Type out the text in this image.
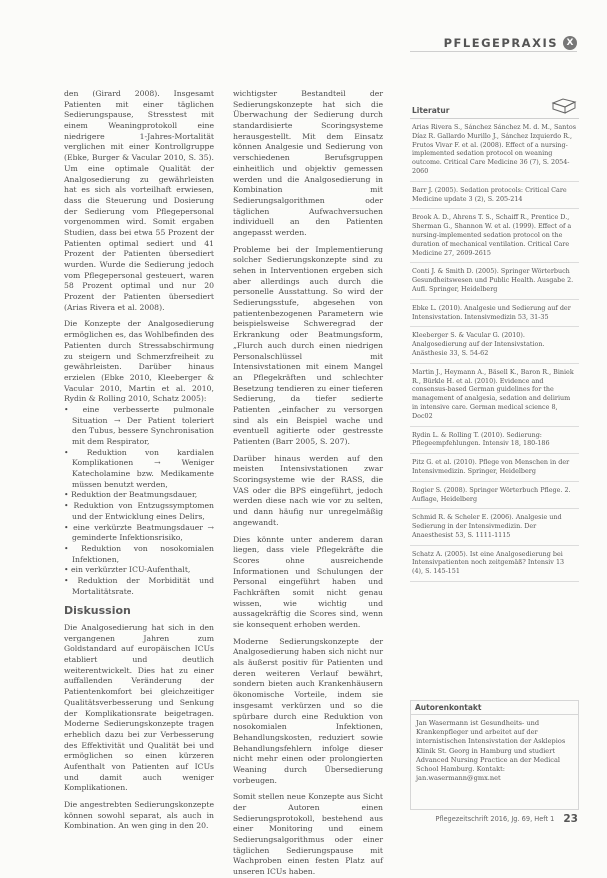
PFLEGEPRAXIS X

den (Girard 2008). Insgesamt Patienten mit einer täglichen Sedierungspause, Stresstest mit einem Weaningprotokoll eine niedrigere 1-Jahres-Mortalität verglichen mit einer Kontrollgruppe (Ebke, Burger & Vacular 2010, S. 35). Um eine optimale Qualität der Analgosedierung zu gewährleisten hat es sich als vorteilhaft erwiesen, dass die Steuerung und Dosierung der Sedierung vom Pflegepersonal vorgenommen wird. Somit ergaben Studien, dass bei etwa 55 Prozent der Patienten optimal sediert und 41 Prozent der Patienten übersediert wurden. Wurde die Sedierung jedoch vom Pflegepersonal gesteuert, waren 58 Prozent optimal und nur 20 Prozent der Patienten übersediert (Arias Rivera et al. 2008).

Die Konzepte der Analgosedierung ermöglichen es, das Wohlbefinden des Patienten durch Stressabschirmung zu steigern und Schmerzfreiheit zu gewährleisten. Darüber hinaus erzielen (Ebke 2010, Kleeberger & Vacular 2010, Martin et al. 2010, Rydin & Rolling 2010, Schatz 2005):

• eine verbesserte pulmonale Situation → Der Patient toleriert den Tubus, bessere Synchronisation mit dem Respirator,
• Reduktion von kardialen Komplikationen → Weniger Katecholamine bzw. Medikamente müssen benutzt werden,
• Reduktion der Beatmungsdauer,
• Reduktion von Entzugssymptomen und der Entwicklung eines Delirs,
• eine verkürzte Beatmungsdauer → geminderte Infektionsrisiko,
• Reduktion von nosokomialen Infektionen,
• ein verkürzter ICU-Aufenthalt,
• Reduktion der Morbidität und Mortalitätsrate.
Diskussion

Die Analgosedierung hat sich in den vergangenen Jahren zum Goldstandard auf europäischen ICUs etabliert und deutlich weiterentwickelt. Dies hat zu einer auffallenden Veränderung der Patientenkomfort bei gleichzeitiger Qualitätsverbesserung und Senkung der Komplikationsrate beigetragen. Moderne Sedierungskonzepte tragen erheblich dazu bei zur Verbesserung des Effektivität und Qualität bei und ermöglichen so einen kürzeren Aufenthalt von Patienten auf ICUs und damit auch weniger Komplikationen.

Die angestrebten Sedierungskonzepte können sowohl separat, als auch in Kombination. An wen ging in den 20.

wichtigster Bestandteil der Sedierungskonzepte hat sich die Überwachung der Sedierung durch standardisierte Scoringsysteme herausgestellt. Mit dem Einsatz können Analgesie und Sedierung von verschiedenen Berufsgruppen einheitlich und objektiv gemessen werden und die Analgosedierung in Kombination mit Sedierungsalgorithmen oder täglichen Aufwachversuchen individuell an den Patienten angepasst werden.

Probleme bei der Implementierung solcher Sedierungskonzepte sind zu sehen in Interventionen ergeben sich aber allerdings auch durch die personelle Ausstattung. So wird der Sedierungsstufe, abgesehen von patientenbezogenen Parametern wie beispielsweise Schweregrad der Erkrankung oder Beatmungsform, „Flurch auch durch einen niedrigen Personalschlüssel mit Intensivstationen mit einem Mangel an Pflegekräften und schlechter Besetzung tendieren zu einer tieferen Sedierung, da tiefer sedierte Patienten „einfacher zu versorgen sind als ein Beispiel wache und eventuell agitierte oder gestresste Patienten (Barr 2005, S. 207).

Darüber hinaus werden auf den meisten Intensivstationen zwar Scoringsysteme wie der RASS, die VAS oder die BPS eingeführt, jedoch werden diese nach wie vor zu selten, und dann häufig nur unregelmäßig angewandt.

Dies könnte unter anderem daran liegen, dass viele Pflegekräfte die Scores ohne ausreichende Informationen und Schulungen der Personal eingeführt haben und Fachkräften somit nicht genau wissen, wie wichtig und aussagekräftig die Scores sind, wenn sie konsequent erhoben werden.

Moderne Sedierungskonzepte der Analgosedierung haben sich nicht nur als äußerst positiv für Patienten und deren weiteren Verlauf bewährt, sondern bieten auch Krankenhäusern ökonomische Vorteile, indem sie insgesamt verkürzen und so die spürbare durch eine Reduktion von nosokomialen Infektionen, Behandlungskosten, reduziert sowie Behandlungsfehlern infolge dieser nicht mehr einen oder prolongierten Weaning durch Übersedierung vorbeugen.

Somit stellen neue Konzepte aus Sicht der Autoren einen Sedierungsprotokoll, bestehend aus einer Monitoring und einem Sedierungsalgorithmus oder einer täglichen Sedierungspause mit Wachproben einen festen Platz auf unseren ICUs haben.

Literatur
Arias Rivera S., Sánchez Sánchez M. d. M., Santos Díaz R. Gallardo Murillo J., Sánchez Izquierdo R., Frutos Vivar F. et al. (2008). Effect of a nursing-implemented sedation protocol on weaning outcome. Critical Care Medicine 36 (7), S. 2054-2060
Barr J. (2005). Sedation protocols: Critical Care Medicine update 3 (2), S. 205-214
Brook A. D., Ahrens T. S., Schaiff R., Prentice D., Sherman G., Shannon W. et al. (1999). Effect of a nursing-implemented sedation protocol on the duration of mechanical ventilation. Critical Care Medicine 27, 2609-2615
Conti J. & Smith D. (2005). Springer Wörterbuch Gesundheitswesen und Public Health. Ausgabe 2. Aufl. Springer, Heidelberg
Ebke L. (2010). Analgesie und Sedierung auf der Intensivstation. Intensivmedizin 53, 31-35
Kleeberger S. & Vacular G. (2010). Analgosedierung auf der Intensivstation. Anästhesie 33, S. 54-62
Martin J., Heymann A., Bäsell K., Baron R., Biniek R., Bürkle H. et al. (2010). Evidence and consensus-based German guidelines for the management of analgesia, sedation and delirium in intensive care. German medical science 8, Doc02
Rydin L. & Rolling T. (2010). Sedierung: Pflegeempfehlungen. Intensiv 18, 180-186
Pitz G. et al. (2010). Pflege von Menschen in der Intensivmedizin. Springer, Heidelberg
Rogier S. (2008). Springer Wörterbuch Pflege. 2. Auflage, Heidelberg
Schmid R. & Scheler E. (2006). Analgesie und Sedierung in der Intensivmedizin. Der Anaesthesist 53, S. 1111-1115
Schatz A. (2005). Ist eine Analgosedierung bei Intensivpatienten noch zeitgemäß? Intensiv 13 (4), S. 145-151
Autorenkontakt
Jan Wasermann ist Gesundheits- und Krankenpfleger und arbeitet auf der internistischen Intensivstation der Asklepios Klinik St. Georg in Hamburg und studiert Advanced Nursing Practice an der Medical School Hamburg. Kontakt: jan.wasermann@gmx.net
Pflegezeitschrift 2016, Jg. 69, Heft 1 23
